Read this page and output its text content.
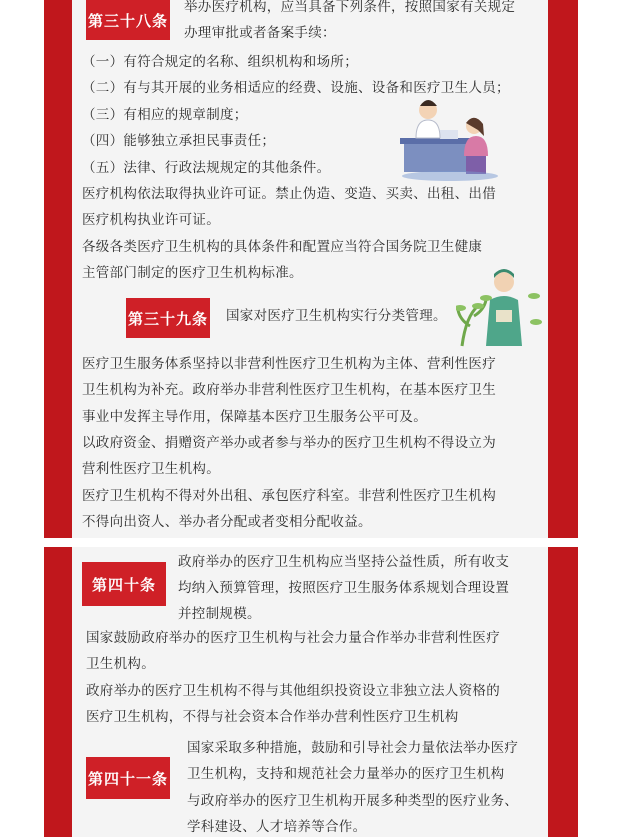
第三十八条
举办医疗机构，应当具备下列条件，按照国家有关规定
办理审批或者备案手续：
（一）有符合规定的名称、组织机构和场所；
（二）有与其开展的业务相适应的经费、设施、设备和医疗卫生人员；
（三）有相应的规章制度；
（四）能够独立承担民事责任；
（五）法律、行政法规规定的其他条件。
医疗机构依法取得执业许可证。禁止伪造、变造、买卖、出租、出借
医疗机构执业许可证。
各级各类医疗卫生机构的具体条件和配置应当符合国务院卫生健康
主管部门制定的医疗卫生机构标准。
第三十九条 国家对医疗卫生机构实行分类管理。
医疗卫生服务体系坚持以非营利性医疗卫生机构为主体、营利性医疗
卫生机构为补充。政府举办非营利性医疗卫生机构，在基本医疗卫生
事业中发挥主导作用，保障基本医疗卫生服务公平可及。
以政府资金、捐赠资产举办或者参与举办的医疗卫生机构不得设立为
营利性医疗卫生机构。
医疗卫生机构不得对外出租、承包医疗科室。非营利性医疗卫生机构
不得向出资人、举办者分配或者变相分配收益。
第四十条
政府举办的医疗卫生机构应当坚持公益性质，所有收支
均纳入预算管理，按照医疗卫生服务体系规划合理设置
并控制规模。
国家鼓励政府举办的医疗卫生机构与社会力量合作举办非营利性医疗
卫生机构。
政府举办的医疗卫生机构不得与其他组织投资设立非独立法人资格的
医疗卫生机构，不得与社会资本合作举办营利性医疗卫生机构
第四十一条
国家采取多种措施，鼓励和引导社会力量依法举办医疗
卫生机构，支持和规范社会力量举办的医疗卫生机构
与政府举办的医疗卫生机构开展多种类型的医疗业务、
学科建设、人才培养等合作。
